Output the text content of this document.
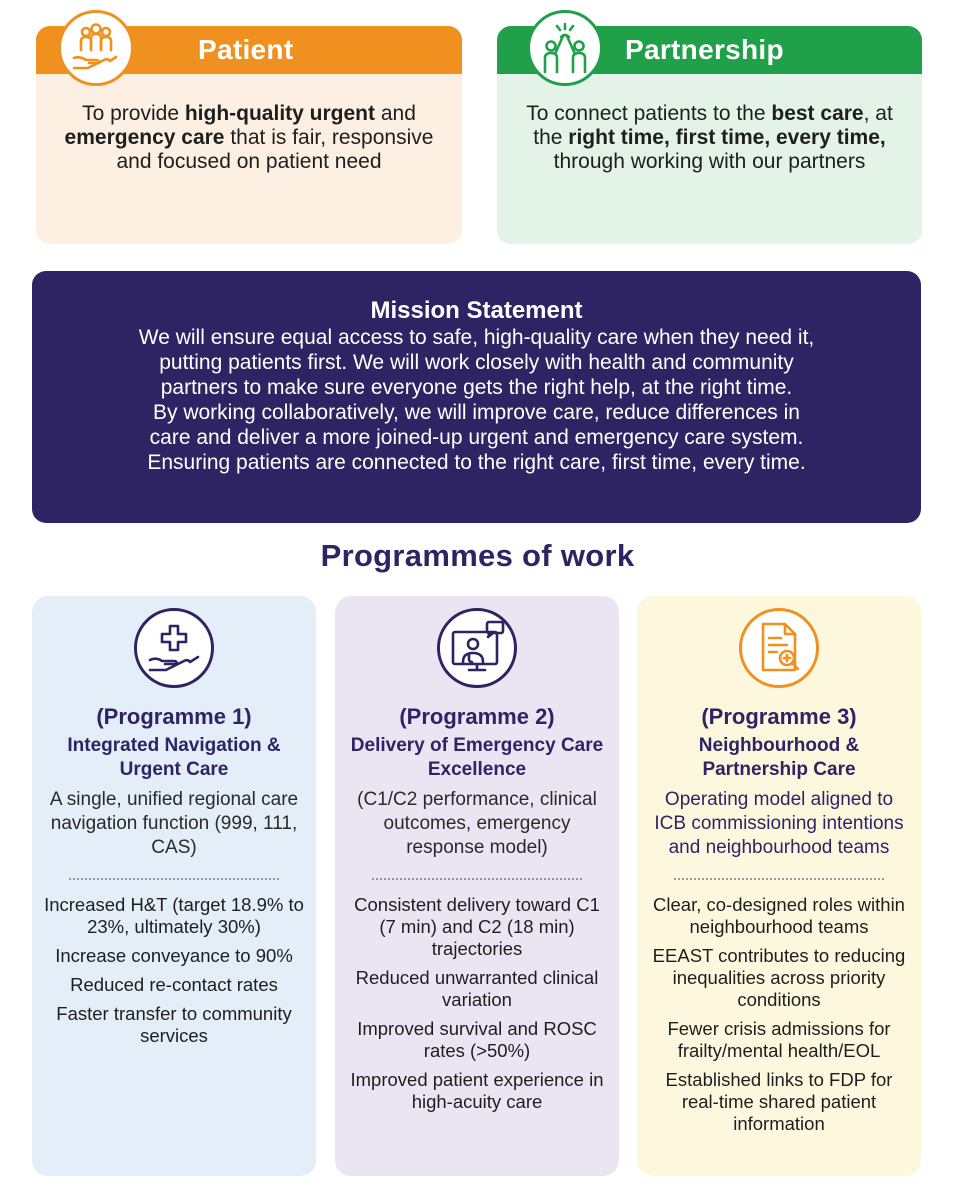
Patient
To provide high-quality urgent and emergency care that is fair, responsive and focused on patient need
Partnership
To connect patients to the best care, at the right time, first time, every time, through working with our partners
Mission Statement
We will ensure equal access to safe, high-quality care when they need it,
putting patients first. We will work closely with health and community
partners to make sure everyone gets the right help, at the right time.
By working collaboratively, we will improve care, reduce differences in
care and deliver a more joined-up urgent and emergency care system.
Ensuring patients are connected to the right care, first time, every time.
Programmes of work
(Programme 1)
Integrated Navigation & Urgent Care
A single, unified regional care navigation function (999, 111, CAS)
Increased H&T (target 18.9% to 23%, ultimately 30%)
Increase conveyance to 90%
Reduced re-contact rates
Faster transfer to community services
(Programme 2)
Delivery of Emergency Care Excellence
(C1/C2 performance, clinical outcomes, emergency response model)
Consistent delivery toward C1 (7 min) and C2 (18 min) trajectories
Reduced unwarranted clinical variation
Improved survival and ROSC rates (>50%)
Improved patient experience in high-acuity care
(Programme 3)
Neighbourhood & Partnership Care
Operating model aligned to ICB commissioning intentions and neighbourhood teams
Clear, co-designed roles within neighbourhood teams
EEAST contributes to reducing inequalities across priority conditions
Fewer crisis admissions for frailty/mental health/EOL
Established links to FDP for real-time shared patient information
